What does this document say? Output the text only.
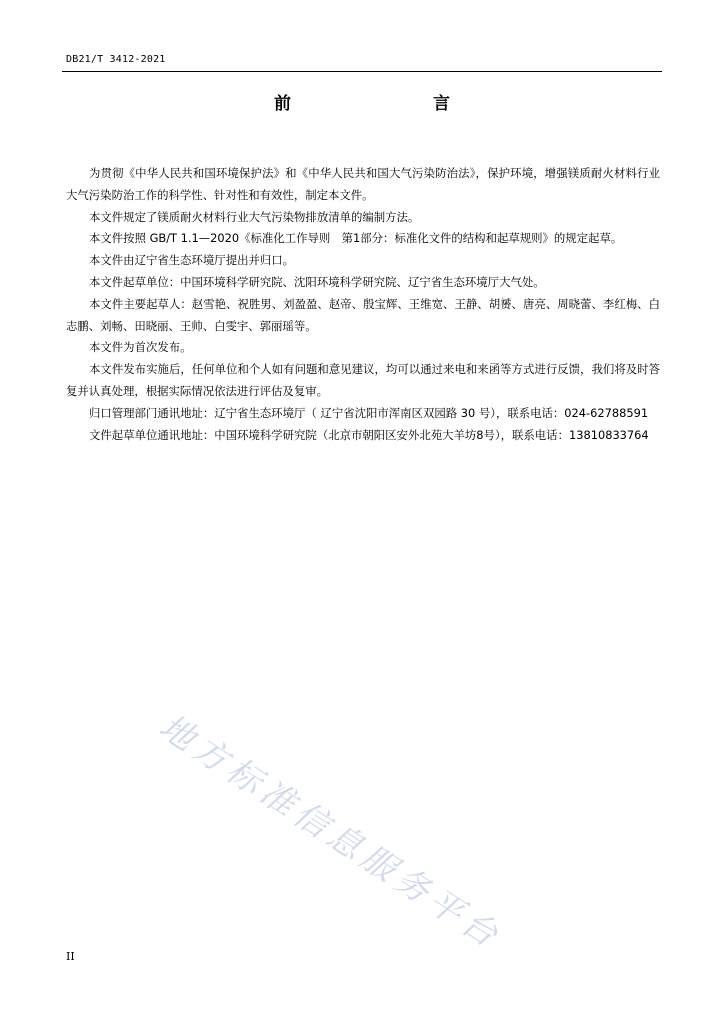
DB21/T 3412-2021
前　　言

为贯彻《中华人民共和国环境保护法》和《中华人民共和国大气污染防治法》，保护环境，增强镁质耐火材料行业大气污染防治工作的科学性、针对性和有效性，制定本文件。

本文件规定了镁质耐火材料行业大气污染物排放清单的编制方法。

本文件按照 GB/T 1.1—2020《标准化工作导则　第1部分：标准化文件的结构和起草规则》的规定起草。

本文件由辽宁省生态环境厅提出并归口。

本文件起草单位：中国环境科学研究院、沈阳环境科学研究院、辽宁省生态环境厅大气处。

本文件主要起草人：赵雪艳、祝胜男、刘盈盈、赵帝、殷宝辉、王维宽、王静、胡赟、唐亮、周晓蕾、李红梅、白志鹏、刘畅、田晓丽、王帅、白雯宇、郭丽瑶等。

本文件为首次发布。

本文件发布实施后，任何单位和个人如有问题和意见建议，均可以通过来电和来函等方式进行反馈，我们将及时答复并认真处理，根据实际情况依法进行评估及复审。

归口管理部门通讯地址：辽宁省生态环境厅（ 辽宁省沈阳市浑南区双园路 30 号），联系电话：024-62788591

文件起草单位通讯地址：中国环境科学研究院（北京市朝阳区安外北苑大羊坊8号），联系电话：13810833764

地方标准信息服务平台
II
